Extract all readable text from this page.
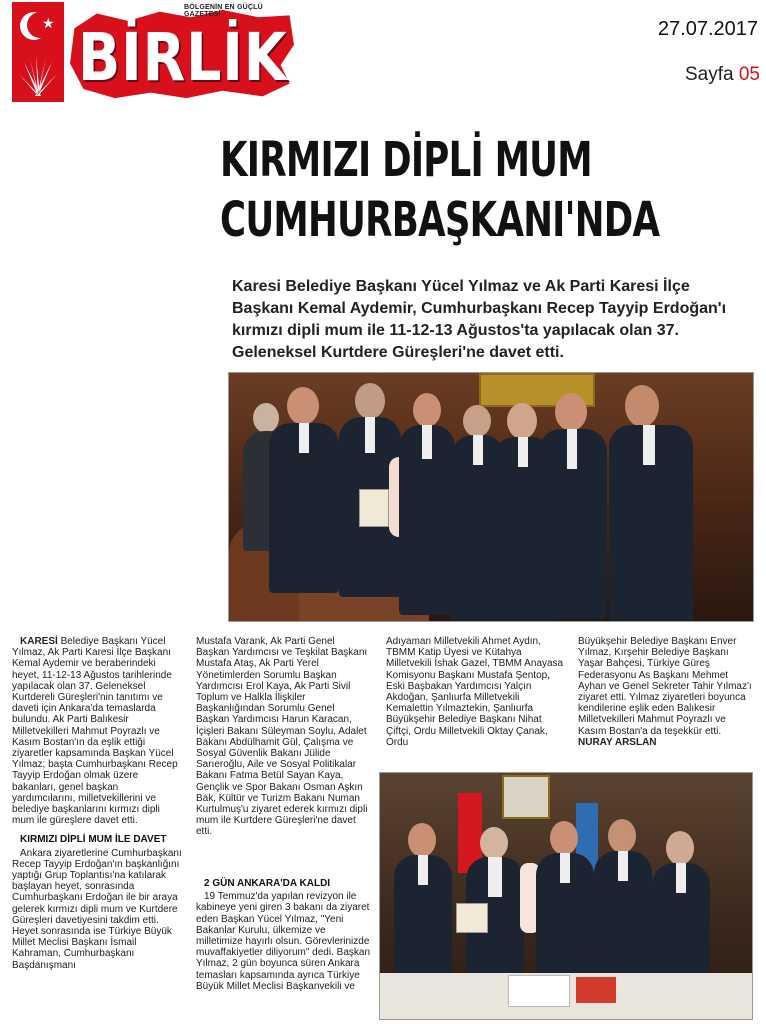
★
BÖLGENİN EN GÜÇLÜ GAZETESİ
BİRLİK	27.07.2017
Sayfa 05
KIRMIZI DİPLİ MUM
CUMHURBAŞKANI'NDA

Karesi Belediye Başkanı Yücel Yılmaz ve Ak Parti Karesi İlçe Başkanı Kemal Aydemir, Cumhurbaşkanı Recep Tayyip Erdoğan'ı kırmızı dipli mum ile 11-12-13 Ağustos'ta yapılacak olan 37. Geleneksel Kurtdere Güreşleri'ne davet etti.

KARESİ Belediye Başkanı Yücel Yılmaz, Ak Parti Karesi İlçe Başkanı Kemal Aydemir ve beraberindeki heyet, 11-12-13 Ağustos tarihlerinde yapılacak olan 37. Geleneksel Kurtdereli Güreşleri'nin tanıtımı ve daveti için Ankara'da temaslarda bulundu. Ak Parti Balıkesir Milletvekilleri Mahmut Poyrazlı ve Kasım Bostan'ın da eşlik ettiği ziyaretler kapsamında Başkan Yücel Yılmaz; başta Cumhurbaşkanı Recep Tayyip Erdoğan olmak üzere bakanları, genel başkan yardımcılarını, milletvekillerini ve belediye başkanlarını kırmızı dipli mum ile güreşlere davet etti.

KIRMIZI DİPLİ MUM İLE DAVET

Ankara ziyaretlerine Cumhurbaşkanı Recep Tayyip Erdoğan'ın başkanlığını yaptığı Grup Toplantısı'na katılarak başlayan heyet, sonrasında Cumhurbaşkanı Erdoğan ile bir araya gelerek kırmızı dipli mum ve Kurtdere Güreşleri davetiyesini takdim etti. Heyet sonrasında ise Türkiye Büyük Millet Meclisi Başkanı İsmail Kahraman, Cumhurbaşkanı Başdanışmanı

Mustafa Varank, Ak Parti Genel Başkan Yardımcısı ve Teşkilat Başkanı Mustafa Ataş, Ak Parti Yerel Yönetimlerden Sorumlu Başkan Yardımcısı Erol Kaya, Ak Parti Sivil Toplum ve Halkla İlişkiler Başkanlığından Sorumlu Genel Başkan Yardımcısı Harun Karacan, İçişleri Bakanı Süleyman Soylu, Adalet Bakanı Abdülhamit Gül, Çalışma ve Sosyal Güvenlik Bakanı Jülide Sarıeroğlu, Aile ve Sosyal Politikalar Bakanı Fatma Betül Sayan Kaya, Gençlik ve Spor Bakanı Osman Aşkın Bak, Kültür ve Turizm Bakanı Numan Kurtulmuş'u ziyaret ederek kırmızı dipli mum ile Kurtdere Güreşleri'ne davet etti.

2 GÜN ANKARA'DA KALDI

19 Temmuz'da yapılan revizyon ile kabineye yeni giren 3 bakanı da ziyaret eden Başkan Yücel Yılmaz, "Yeni Bakanlar Kurulu, ülkemize ve milletimize hayırlı olsun. Görevlerinizde muvaffakiyetler diliyorum" dedi. Başkan Yılmaz, 2 gün boyunca süren Ankara temasları kapsamında ayrıca Türkiye Büyük Millet Meclisi Başkanvekili ve

Adıyaman Milletvekili Ahmet Aydın, TBMM Katip Üyesi ve Kütahya Milletvekili İshak Gazel, TBMM Anayasa Komisyonu Başkanı Mustafa Şentop, Eski Başbakan Yardımcısı Yalçın Akdoğan, Şanlıurfa Milletvekili Kemalettin Yılmaztekin, Şanlıurfa Büyükşehir Belediye Başkanı Nihat Çiftçi, Ordu Milletvekili Oktay Çanak, Ordu

Büyükşehir Belediye Başkanı Enver Yılmaz, Kırşehir Belediye Başkanı Yaşar Bahçesi, Türkiye Güreş Federasyonu As Başkanı Mehmet Ayhan ve Genel Sekreter Tahir Yılmaz'ı ziyaret etti. Yılmaz ziyaretleri boyunca kendilerine eşlik eden Balıkesir Milletvekilleri Mahmut Poyrazlı ve Kasım Bostan'a da teşekkür etti. NURAY ARSLAN
